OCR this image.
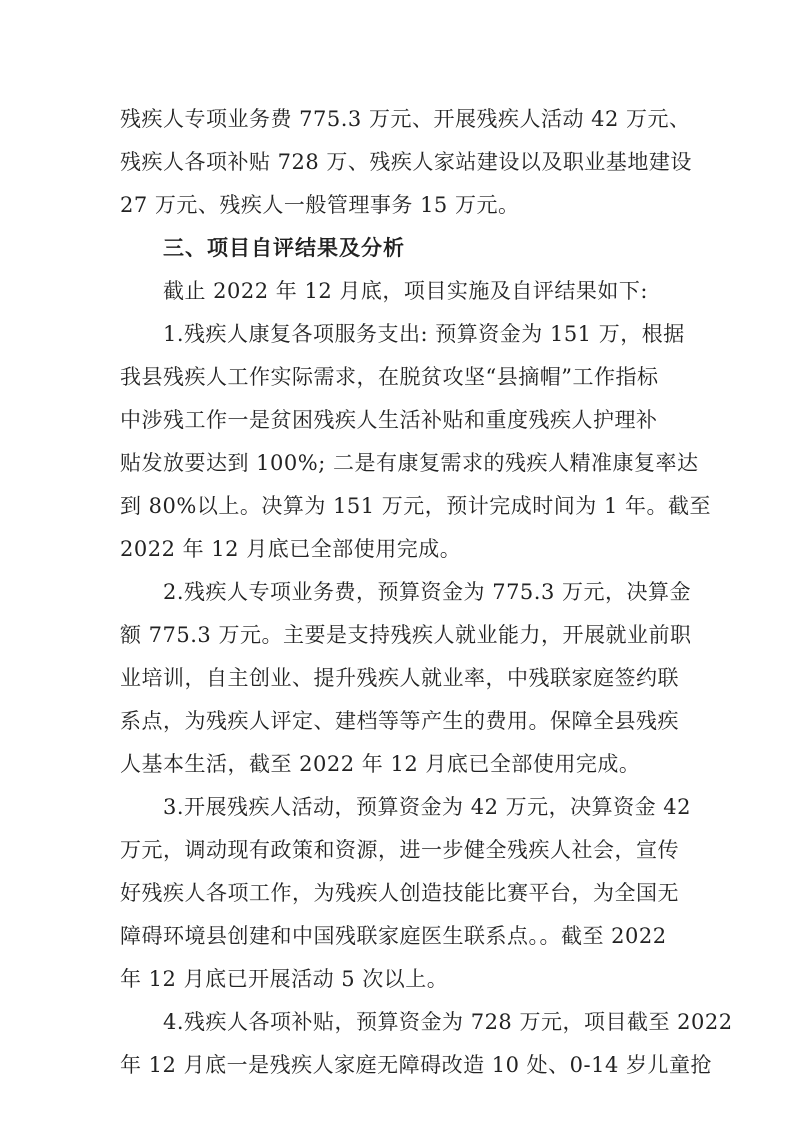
残疾人专项业务费 775.3 万元、开展残疾人活动 42 万元、
残疾人各项补贴 728 万、残疾人家站建设以及职业基地建设
27 万元、残疾人一般管理事务 15 万元。
三、项目自评结果及分析
截止 2022 年 12 月底，项目实施及自评结果如下:
1.残疾人康复各项服务支出: 预算资金为 151 万，根据
我县残疾人工作实际需求，在脱贫攻坚“县摘帽”工作指标
中涉残工作一是贫困残疾人生活补贴和重度残疾人护理补
贴发放要达到 100%; 二是有康复需求的残疾人精准康复率达
到 80%以上。决算为 151 万元，预计完成时间为 1 年。截至
2022 年 12 月底已全部使用完成。
2.残疾人专项业务费，预算资金为 775.3 万元，决算金
额 775.3 万元。主要是支持残疾人就业能力，开展就业前职
业培训，自主创业、提升残疾人就业率，中残联家庭签约联
系点，为残疾人评定、建档等等产生的费用。保障全县残疾
人基本生活，截至 2022 年 12 月底已全部使用完成。
3.开展残疾人活动，预算资金为 42 万元，决算资金 42
万元，调动现有政策和资源，进一步健全残疾人社会，宣传
好残疾人各项工作，为残疾人创造技能比赛平台，为全国无
障碍环境县创建和中国残联家庭医生联系点。。截至 2022
年 12 月底已开展活动 5 次以上。
4.残疾人各项补贴，预算资金为 728 万元，项目截至 2022
年 12 月底一是残疾人家庭无障碍改造 10 处、0-14 岁儿童抢
